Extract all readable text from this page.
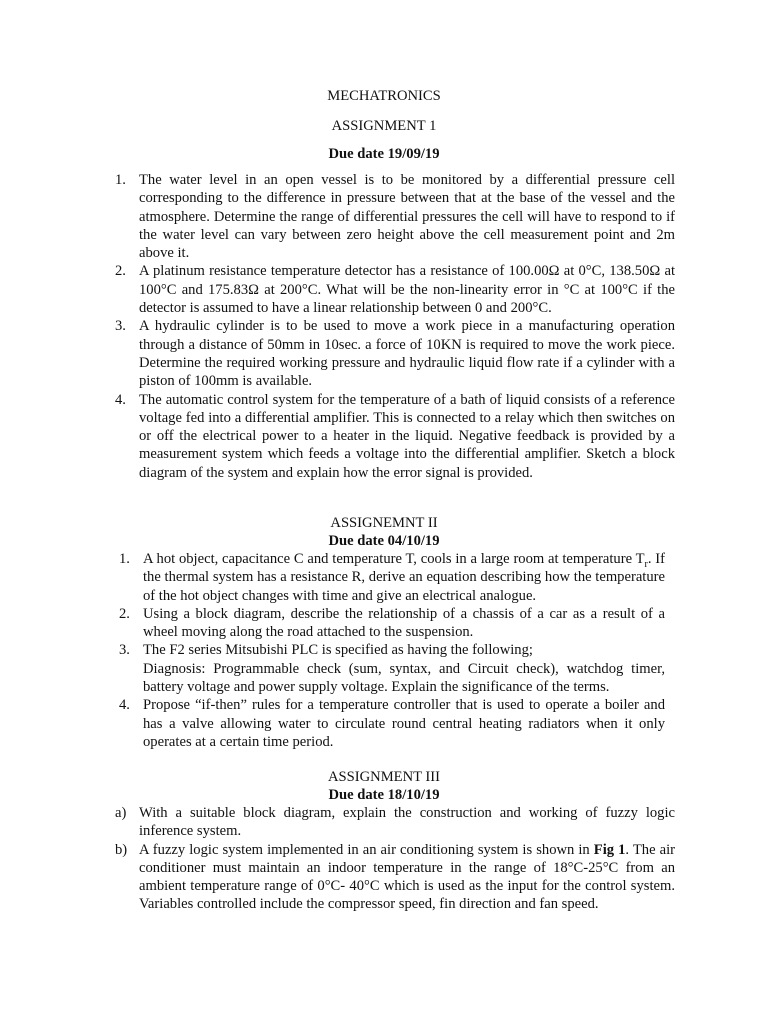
MECHATRONICS
ASSIGNMENT 1
Due date 19/09/19
1. The water level in an open vessel is to be monitored by a differential pressure cell corresponding to the difference in pressure between that at the base of the vessel and the atmosphere. Determine the range of differential pressures the cell will have to respond to if the water level can vary between zero height above the cell measurement point and 2m above it.
2. A platinum resistance temperature detector has a resistance of 100.00Ω at 0°C, 138.50Ω at 100°C and 175.83Ω at 200°C. What will be the non-linearity error in °C at 100°C if the detector is assumed to have a linear relationship between 0 and 200°C.
3. A hydraulic cylinder is to be used to move a work piece in a manufacturing operation through a distance of 50mm in 10sec. a force of 10KN is required to move the work piece. Determine the required working pressure and hydraulic liquid flow rate if a cylinder with a piston of 100mm is available.
4. The automatic control system for the temperature of a bath of liquid consists of a reference voltage fed into a differential amplifier. This is connected to a relay which then switches on or off the electrical power to a heater in the liquid. Negative feedback is provided by a measurement system which feeds a voltage into the differential amplifier. Sketch a block diagram of the system and explain how the error signal is provided.
ASSIGNEMNT II
Due date 04/10/19
1. A hot object, capacitance C and temperature T, cools in a large room at temperature $T_r$. If the thermal system has a resistance R, derive an equation describing how the temperature of the hot object changes with time and give an electrical analogue.
2. Using a block diagram, describe the relationship of a chassis of a car as a result of a wheel moving along the road attached to the suspension.
3. The F2 series Mitsubishi PLC is specified as having the following;
Diagnosis: Programmable check (sum, syntax, and Circuit check), watchdog timer, battery voltage and power supply voltage. Explain the significance of the terms.
4. Propose “if-then” rules for a temperature controller that is used to operate a boiler and has a valve allowing water to circulate round central heating radiators when it only operates at a certain time period.
ASSIGNMENT III
Due date 18/10/19
a) With a suitable block diagram, explain the construction and working of fuzzy logic inference system.
b) A fuzzy logic system implemented in an air conditioning system is shown in Fig 1. The air conditioner must maintain an indoor temperature in the range of 18°C-25°C from an ambient temperature range of 0°C- 40°C which is used as the input for the control system. Variables controlled include the compressor speed, fin direction and fan speed.
